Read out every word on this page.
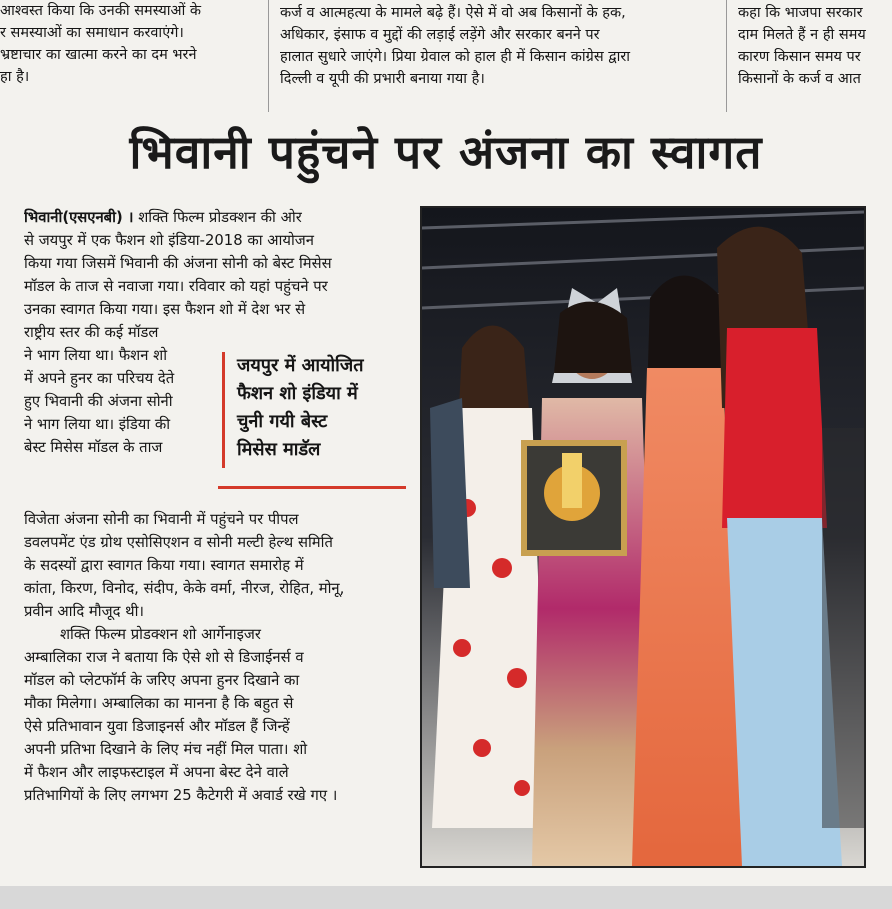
आश्वस्त किया कि उनकी समस्याओं के

र समस्याओं का समाधान करवाएंगे।

भ्रष्टाचार का खात्मा करने का दम भरने

हा है।

कर्ज व आत्महत्या के मामले बढ़े हैं। ऐसे में वो अब किसानों के हक,

अधिकार, इंसाफ व मुद्दों की लड़ाई लड़ेंगे और सरकार बनने पर

हालात सुधारे जाएंगे। प्रिया ग्रेवाल को हाल ही में किसान कांग्रेस द्वारा

दिल्ली व यूपी की प्रभारी बनाया गया है।

कहा कि भाजपा सरकार

दाम मिलते हैं न ही समय

कारण किसान समय पर

किसानों के कर्ज व आत

भिवानी पहुंचने पर अंजना का स्वागत
भिवानी(एसएनबी) । शक्ति फिल्म प्रोडक्शन की ओर
से जयपुर में एक फैशन शो इंडिया-2018 का आयोजन
किया गया जिसमें भिवानी की अंजना सोनी को बेस्ट मिसेस
मॉडल के ताज से नवाजा गया। रविवार को यहां पहुंचने पर
उनका स्वागत किया गया। इस फैशन शो में देश भर से
राष्ट्रीय स्तर की कई मॉडल
ने भाग लिया था। फैशन शो
में अपने हुनर का परिचय देते
हुए भिवानी की अंजना सोनी
ने भाग लिया था। इंडिया की
बेस्ट मिसेस मॉडल के ताज
जयपुर में आयोजित
फैशन शो इंडिया में
चुनी गयी बेस्ट
मिसेस माडॅल
विजेता अंजना सोनी का भिवानी में पहुंचने पर पीपल
डवलपमेंट एंड ग्रोथ एसोसिएशन व सोनी मल्टी हेल्थ समिति
के सदस्यों द्वारा स्वागत किया गया। स्वागत समारोह में
कांता, किरण, विनोद, संदीप, केके वर्मा, नीरज, रोहित, मोनू,
प्रवीन आदि मौजूद थी।
शक्ति फिल्म प्रोडक्शन शो आर्गेनाइजर
अम्बालिका राज ने बताया कि ऐसे शो से डिजाईनर्स व
मॉडल को प्लेटफॉर्म के जरिए अपना हुनर दिखाने का
मौका मिलेगा। अम्बालिका का मानना है कि बहुत से
ऐसे प्रतिभावान युवा डिजाइनर्स और मॉडल हैं जिन्हें
अपनी प्रतिभा दिखाने के लिए मंच नहीं मिल पाता। शो
में फैशन और लाइफस्टाइल में अपना बेस्ट देने वाले
प्रतिभागियों के लिए लगभग 25 कैटेगरी में अवार्ड रखे गए ।
